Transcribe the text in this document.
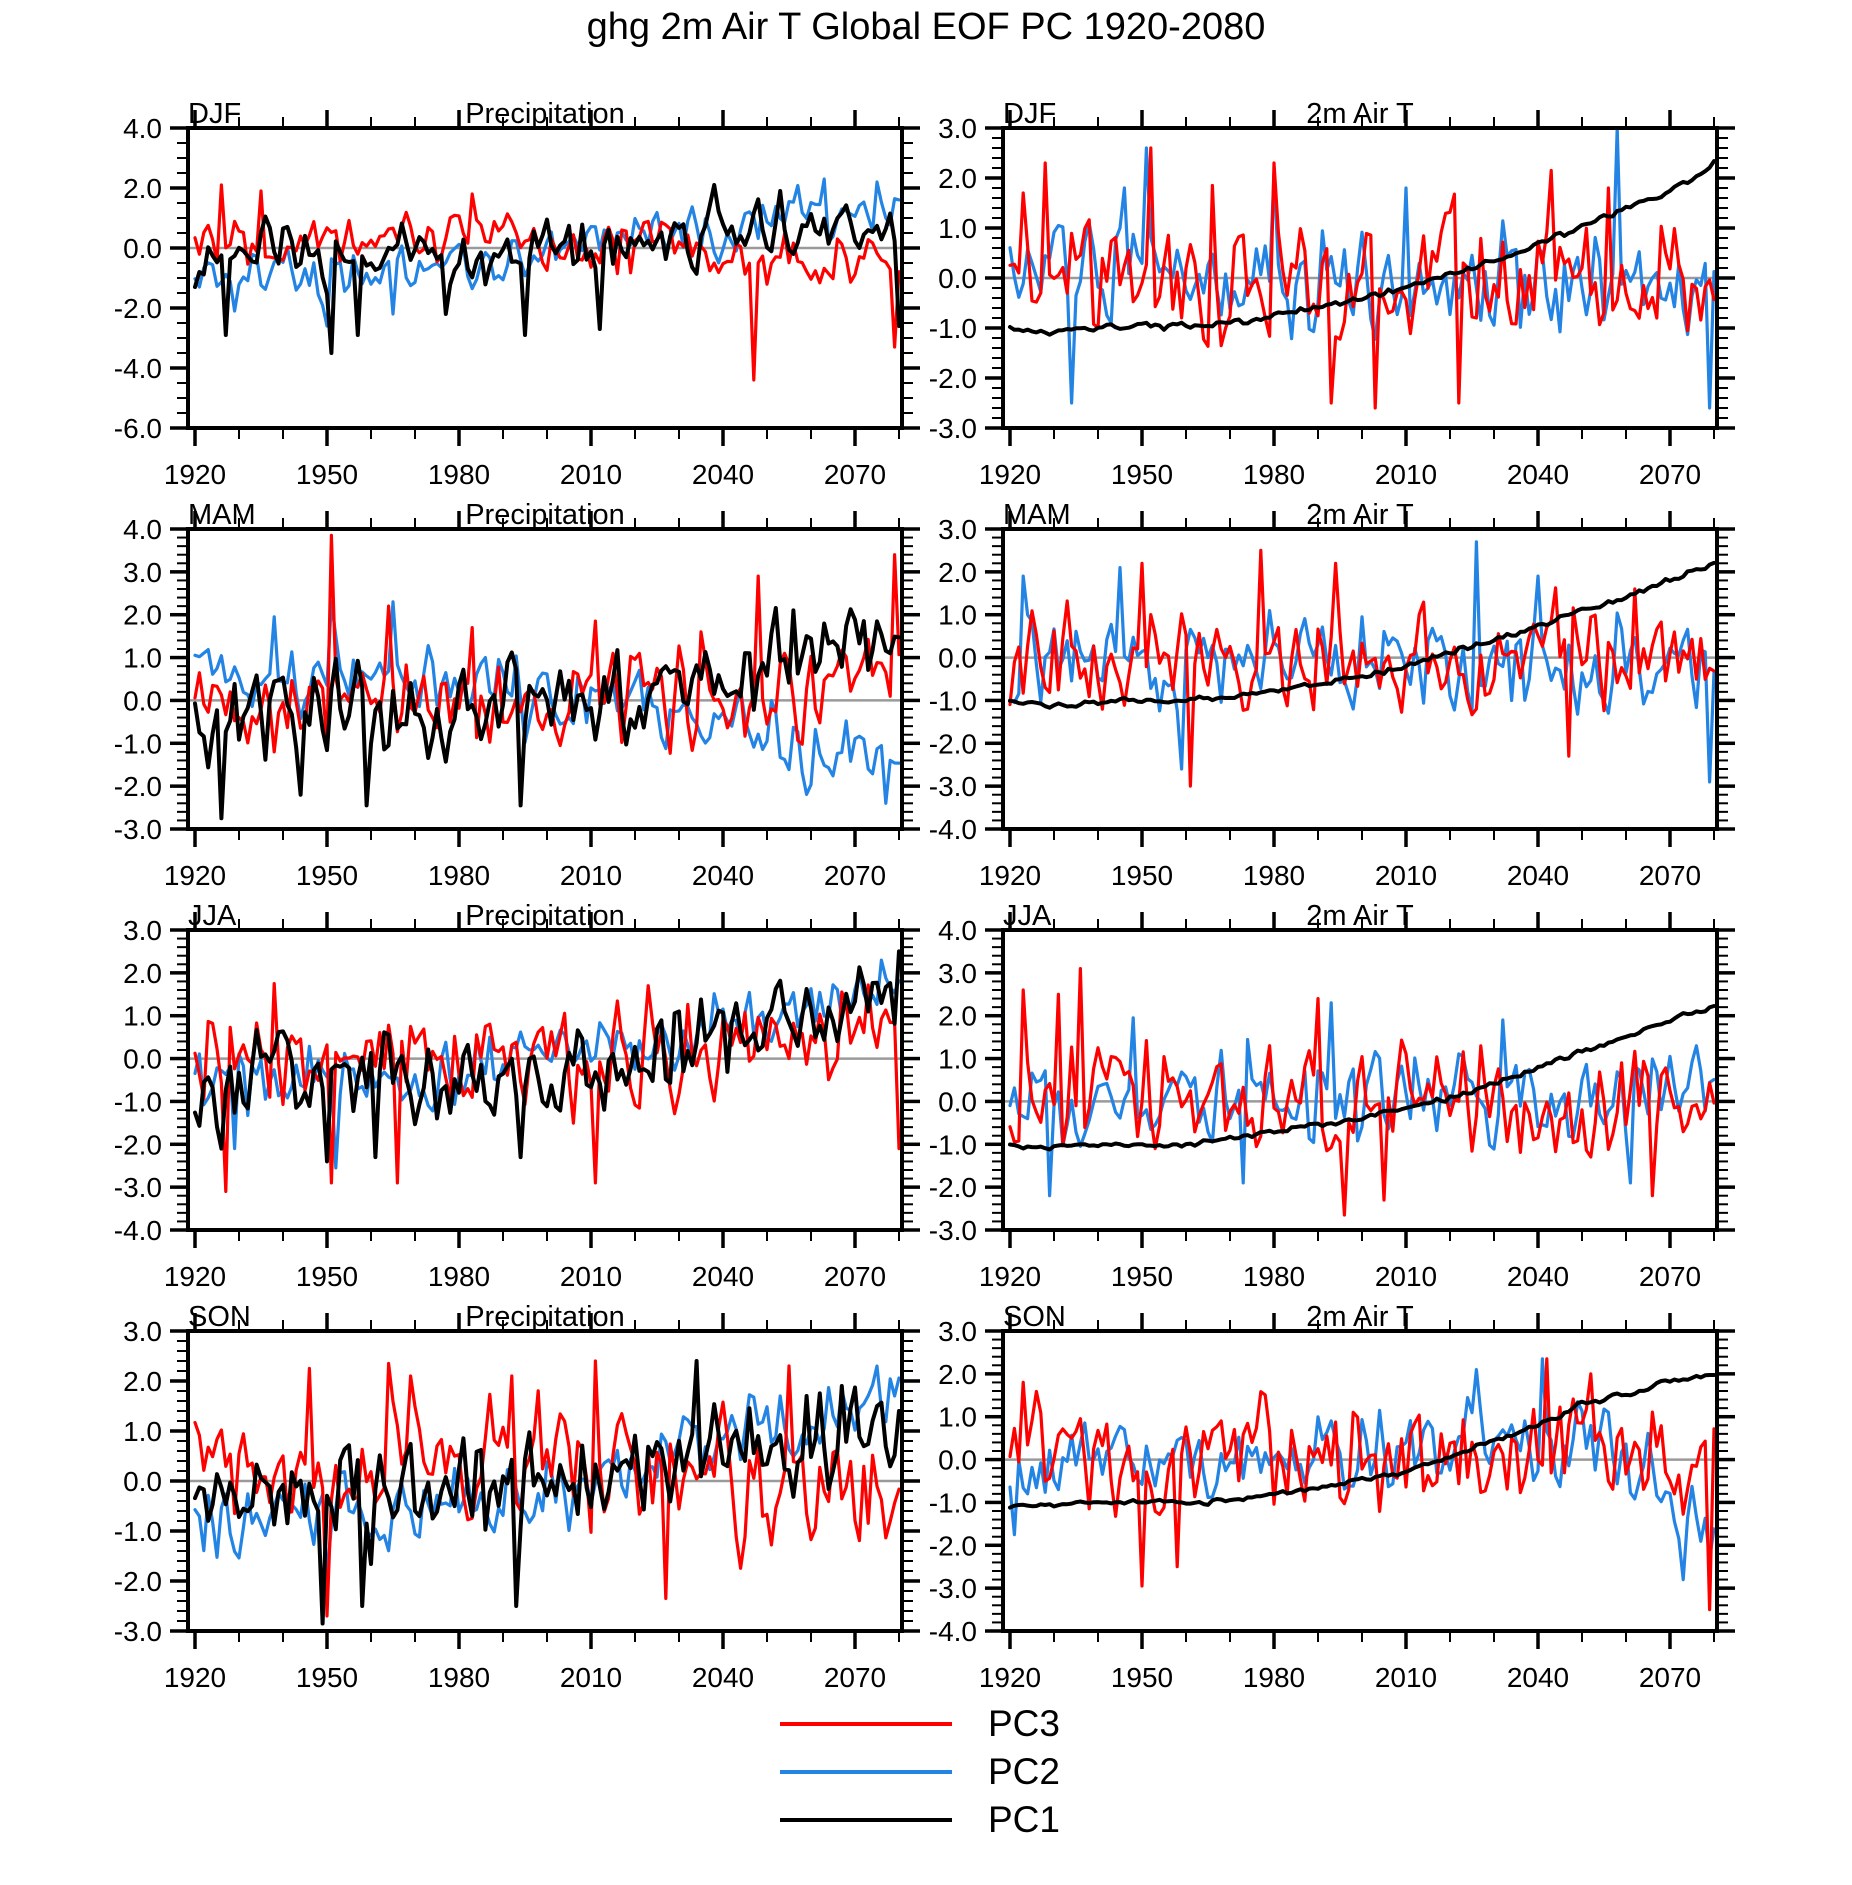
ghg 2m Air T Global EOF PC 1920-2080
DJF	Precipitation
-6.0
-4.0
-2.0
0.0
2.0
4.0
1920 1950 1980 2010 2040 2070
DJF	2m Air T
-3.0
-2.0
-1.0
0.0
1.0
2.0
3.0
1920 1950 1980 2010 2040 2070
MAM	Precipitation
-3.0
-2.0
-1.0
0.0
1.0
2.0
3.0
4.0
1920 1950 1980 2010 2040 2070
MAM	2m Air T
-4.0
-3.0
-2.0
-1.0
0.0
1.0
2.0
3.0
1920 1950 1980 2010 2040 2070
JJA	Precipitation
-4.0
-3.0
-2.0
-1.0
0.0
1.0
2.0
3.0
1920 1950 1980 2010 2040 2070
JJA	2m Air T
-3.0
-2.0
-1.0
0.0
1.0
2.0
3.0
4.0
1920 1950 1980 2010 2040 2070
SON	Precipitation
-3.0
-2.0
-1.0
0.0
1.0
2.0
3.0
1920 1950 1980 2010 2040 2070
SON	2m Air T
-4.0
-3.0
-2.0
-1.0
0.0
1.0
2.0
3.0
1920 1950 1980 2010 2040 2070
PC3
PC2
PC1
